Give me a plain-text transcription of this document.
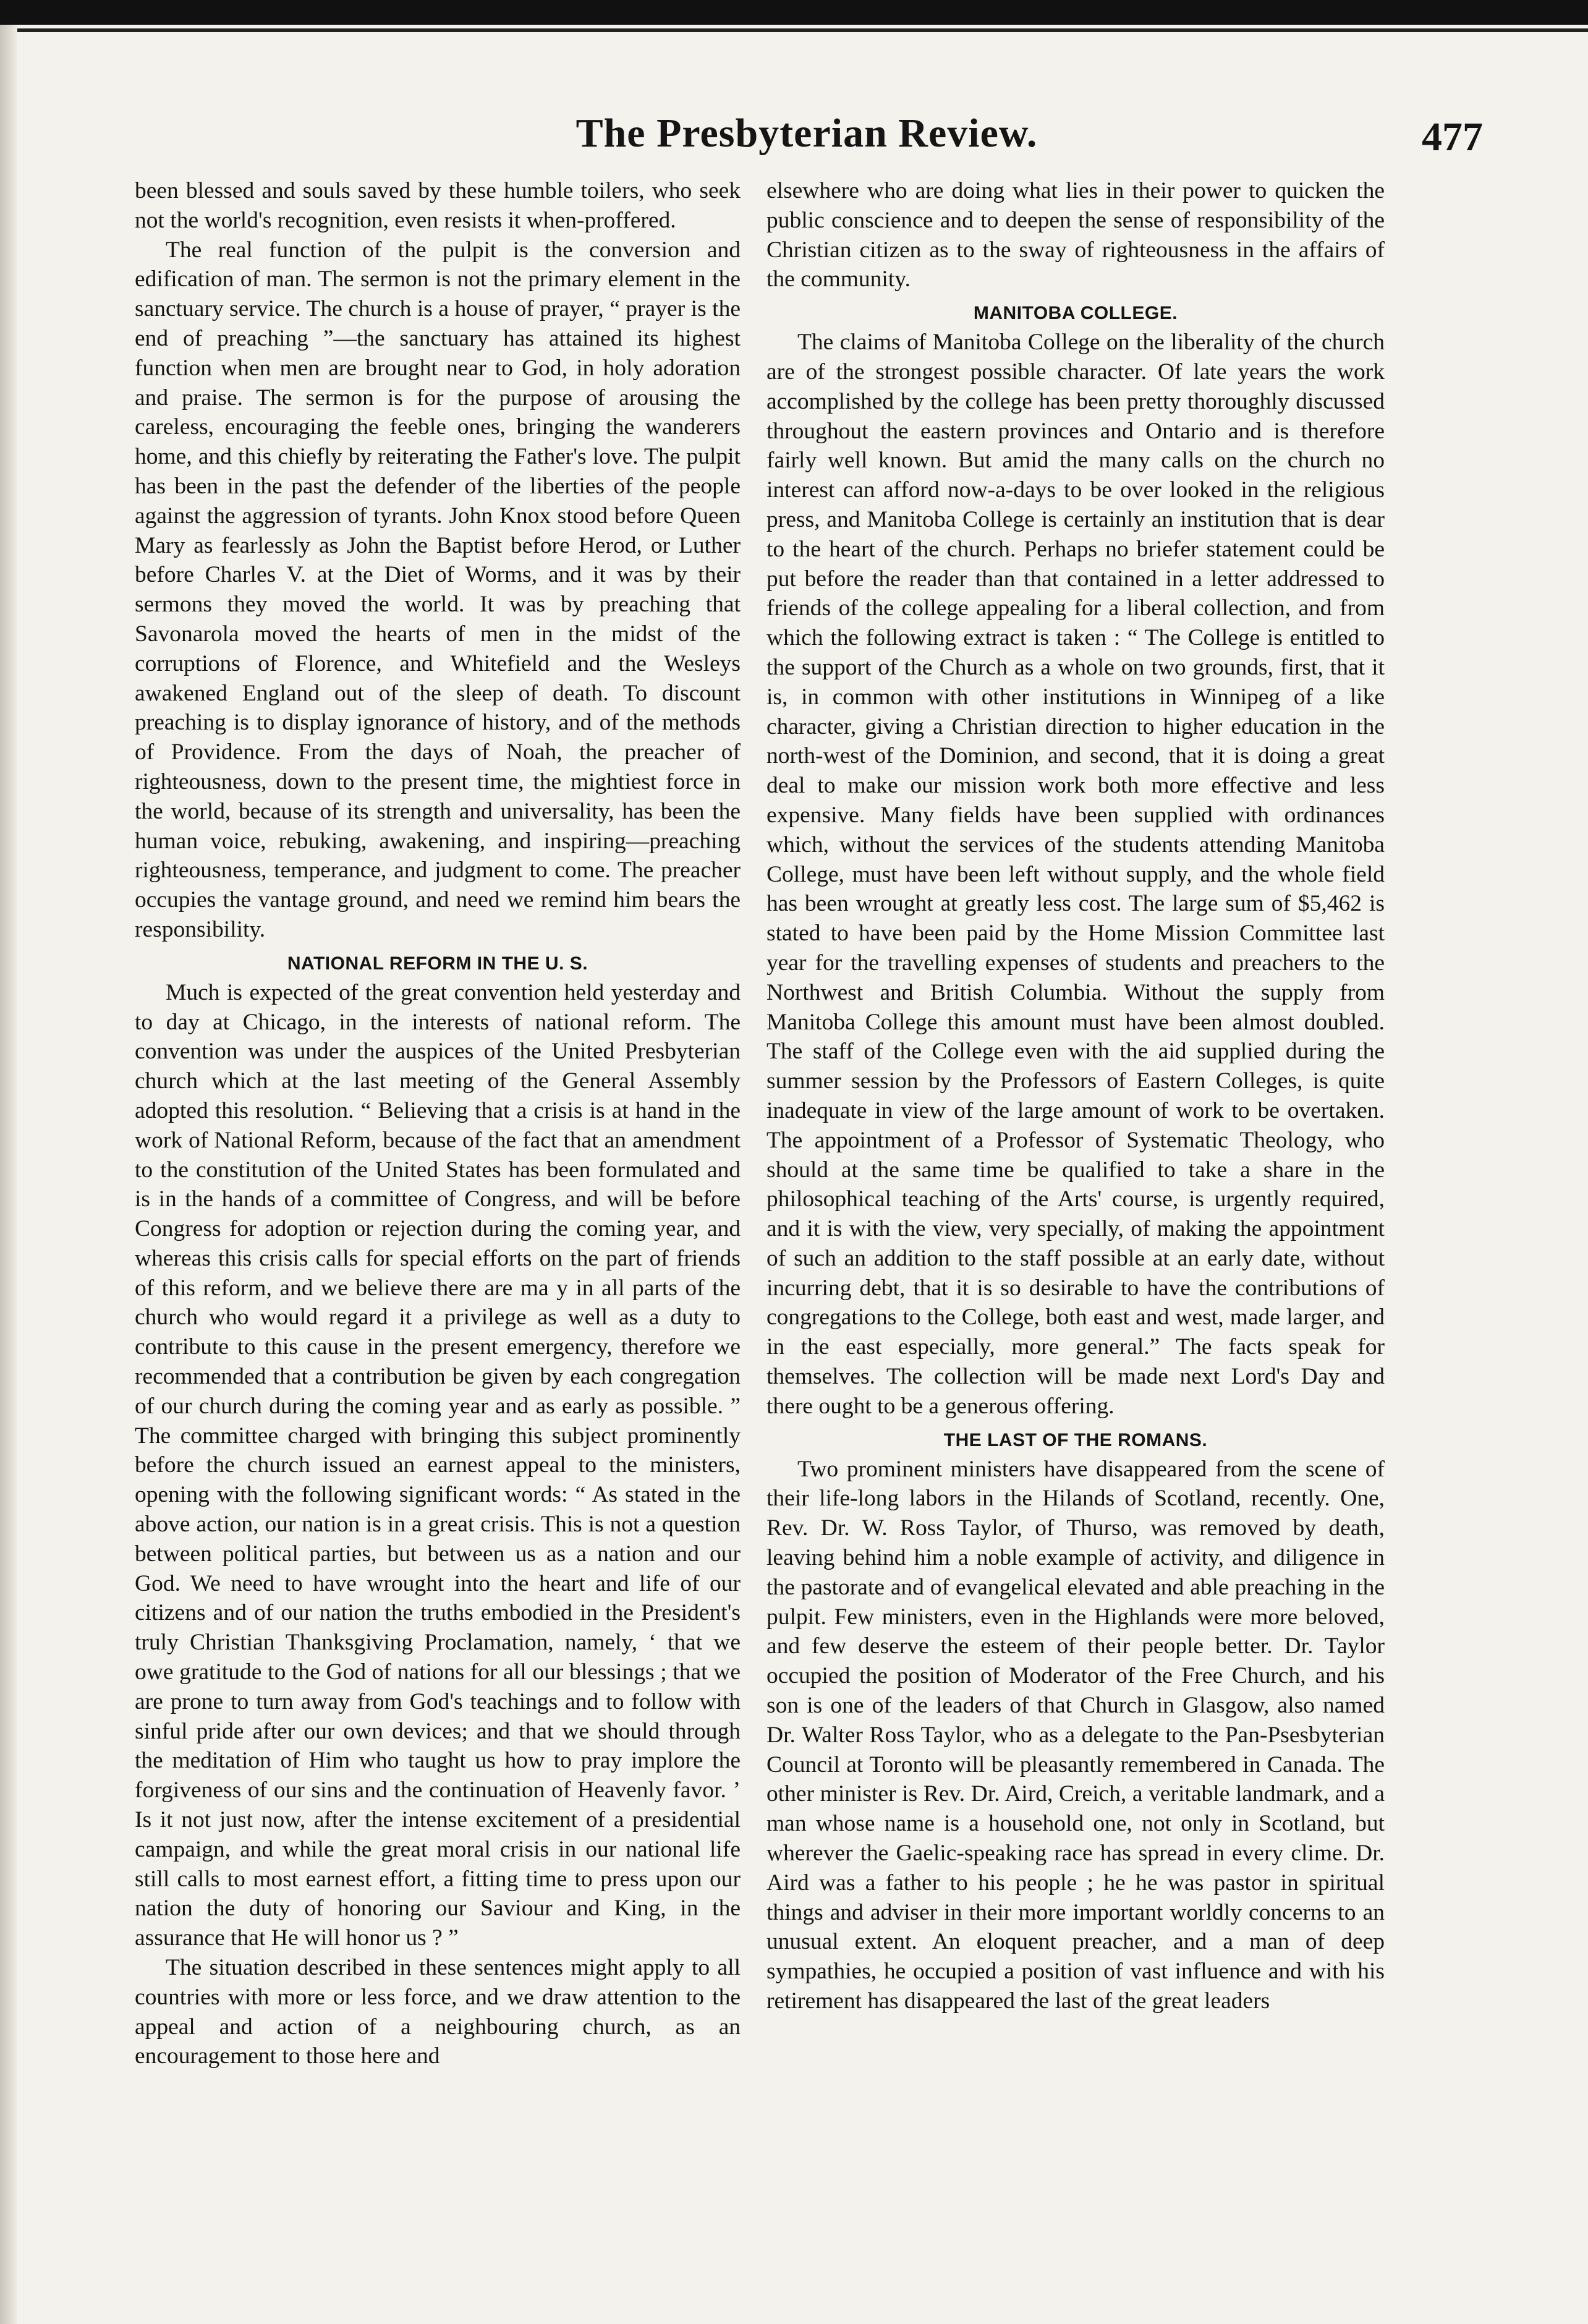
The Presbyterian Review.	477

been blessed and souls saved by these humble toilers, who seek not the world's recognition, even resists it when-proffered.

The real function of the pulpit is the conversion and edification of man. The sermon is not the primary element in the sanctuary service. The church is a house of prayer, “ prayer is the end of preaching ”—the sanctuary has attained its highest function when men are brought near to God, in holy adoration and praise. The sermon is for the purpose of arousing the careless, encouraging the feeble ones, bringing the wanderers home, and this chiefly by reiterating the Father's love. The pulpit has been in the past the defender of the liberties of the people against the aggression of tyrants. John Knox stood before Queen Mary as fearlessly as John the Baptist before Herod, or Luther before Charles V. at the Diet of Worms, and it was by their sermons they moved the world. It was by preaching that Savonarola moved the hearts of men in the midst of the corruptions of Florence, and Whitefield and the Wesleys awakened England out of the sleep of death. To discount preaching is to display ignorance of history, and of the methods of Providence. From the days of Noah, the preacher of righteousness, down to the present time, the mightiest force in the world, because of its strength and universality, has been the human voice, rebuking, awakening, and inspiring—preaching righteousness, temperance, and judgment to come. The preacher occupies the vantage ground, and need we remind him bears the responsibility.

NATIONAL REFORM IN THE U. S.

Much is expected of the great convention held yesterday and to day at Chicago, in the interests of national reform. The convention was under the auspices of the United Presbyterian church which at the last meeting of the General Assembly adopted this resolution. “ Believing that a crisis is at hand in the work of National Reform, because of the fact that an amendment to the constitution of the United States has been formulated and is in the hands of a committee of Congress, and will be before Congress for adoption or rejection during the coming year, and whereas this crisis calls for special efforts on the part of friends of this reform, and we believe there are ma y in all parts of the church who would regard it a privilege as well as a duty to contribute to this cause in the present emergency, therefore we recommended that a contribution be given by each congregation of our church during the coming year and as early as possible. ” The committee charged with bringing this subject prominently before the church issued an earnest appeal to the ministers, opening with the following significant words: “ As stated in the above action, our nation is in a great crisis. This is not a question between political parties, but between us as a nation and our God. We need to have wrought into the heart and life of our citizens and of our nation the truths embodied in the President's truly Christian Thanksgiving Proclamation, namely, ‘ that we owe gratitude to the God of nations for all our blessings ; that we are prone to turn away from God's teachings and to follow with sinful pride after our own devices; and that we should through the meditation of Him who taught us how to pray implore the forgiveness of our sins and the continuation of Heavenly favor. ’ Is it not just now, after the intense excitement of a presidential campaign, and while the great moral crisis in our national life still calls to most earnest effort, a fitting time to press upon our nation the duty of honoring our Saviour and King, in the assurance that He will honor us ? ”

The situation described in these sentences might apply to all countries with more or less force, and we draw attention to the appeal and action of a neighbouring church, as an encouragement to those here and

elsewhere who are doing what lies in their power to quicken the public conscience and to deepen the sense of responsibility of the Christian citizen as to the sway of righteousness in the affairs of the community.

MANITOBA COLLEGE.

The claims of Manitoba College on the liberality of the church are of the strongest possible character. Of late years the work accomplished by the college has been pretty thoroughly discussed throughout the eastern provinces and Ontario and is therefore fairly well known. But amid the many calls on the church no interest can afford now-a-days to be over looked in the religious press, and Manitoba College is certainly an institution that is dear to the heart of the church. Perhaps no briefer statement could be put before the reader than that contained in a letter addressed to friends of the college appealing for a liberal collection, and from which the following extract is taken : “ The College is entitled to the support of the Church as a whole on two grounds, first, that it is, in common with other institutions in Winnipeg of a like character, giving a Christian direction to higher education in the north-west of the Dominion, and second, that it is doing a great deal to make our mission work both more effective and less expensive. Many fields have been supplied with ordinances which, without the services of the students attending Manitoba College, must have been left without supply, and the whole field has been wrought at greatly less cost. The large sum of $5,462 is stated to have been paid by the Home Mission Committee last year for the travelling expenses of students and preachers to the Northwest and British Columbia. Without the supply from Manitoba College this amount must have been almost doubled. The staff of the College even with the aid supplied during the summer session by the Professors of Eastern Colleges, is quite inadequate in view of the large amount of work to be overtaken. The appointment of a Professor of Systematic Theology, who should at the same time be qualified to take a share in the philosophical teaching of the Arts' course, is urgently required, and it is with the view, very specially, of making the appointment of such an addition to the staff possible at an early date, without incurring debt, that it is so desirable to have the contributions of congregations to the College, both east and west, made larger, and in the east especially, more general.” The facts speak for themselves. The collection will be made next Lord's Day and there ought to be a generous offering.

THE LAST OF THE ROMANS.

Two prominent ministers have disappeared from the scene of their life-long labors in the Hilands of Scotland, recently. One, Rev. Dr. W. Ross Taylor, of Thurso, was removed by death, leaving behind him a noble example of activity, and diligence in the pastorate and of evangelical elevated and able preaching in the pulpit. Few ministers, even in the Highlands were more beloved, and few deserve the esteem of their people better. Dr. Taylor occupied the position of Moderator of the Free Church, and his son is one of the leaders of that Church in Glasgow, also named Dr. Walter Ross Taylor, who as a delegate to the Pan-Psesbyterian Council at Toronto will be pleasantly remembered in Canada. The other minister is Rev. Dr. Aird, Creich, a veritable landmark, and a man whose name is a household one, not only in Scotland, but wherever the Gaelic-speaking race has spread in every clime. Dr. Aird was a father to his people ; he he was pastor in spiritual things and adviser in their more important worldly concerns to an unusual extent. An eloquent preacher, and a man of deep sympathies, he occupied a position of vast influence and with his retirement has disappeared the last of the great leaders
